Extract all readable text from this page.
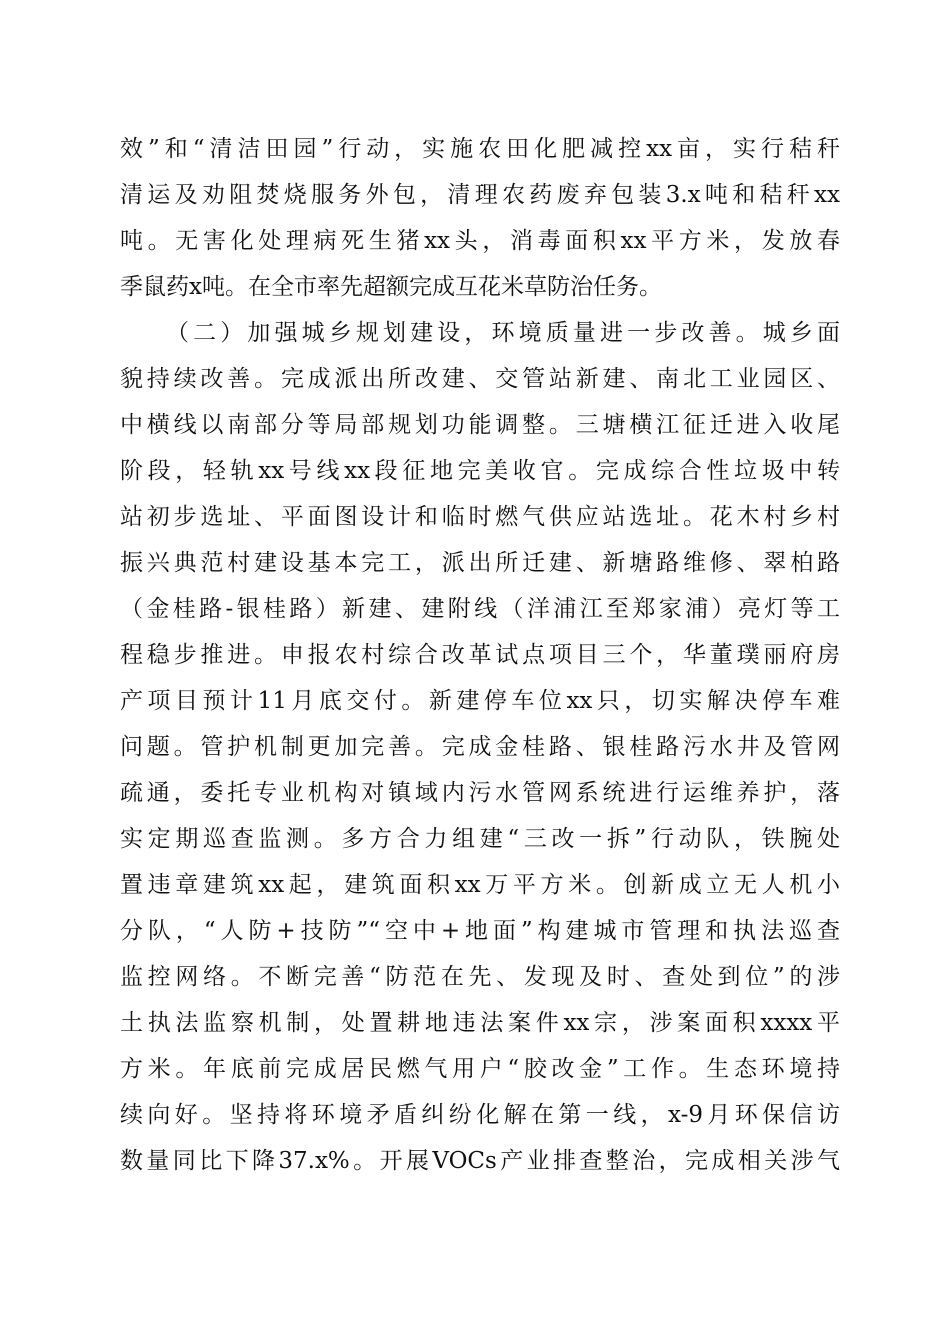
效”和“清洁田园”行动，实施农田化肥减控xx亩，实行秸秆
清运及劝阻焚烧服务外包，清理农药废弃包装3.x吨和秸秆xx
吨。无害化处理病死生猪xx头，消毒面积xx平方米，发放春
季鼠药x吨。在全市率先超额完成互花米草防治任务。
（二）加强城乡规划建设，环境质量进一步改善。城乡面
貌持续改善。完成派出所改建、交管站新建、南北工业园区、
中横线以南部分等局部规划功能调整。三塘横江征迁进入收尾
阶段，轻轨xx号线xx段征地完美收官。完成综合性垃圾中转
站初步选址、平面图设计和临时燃气供应站选址。花木村乡村
振兴典范村建设基本完工，派出所迁建、新塘路维修、翠柏路
（金桂路-银桂路）新建、建附线（洋浦江至郑家浦）亮灯等工
程稳步推进。申报农村综合改革试点项目三个，华董璞丽府房
产项目预计11月底交付。新建停车位xx只，切实解决停车难
问题。管护机制更加完善。完成金桂路、银桂路污水井及管网
疏通，委托专业机构对镇域内污水管网系统进行运维养护，落
实定期巡查监测。多方合力组建“三改一拆”行动队，铁腕处
置违章建筑xx起，建筑面积xx万平方米。创新成立无人机小
分队，“人防+技防”“空中+地面”构建城市管理和执法巡查
监控网络。不断完善“防范在先、发现及时、查处到位”的涉
土执法监察机制，处置耕地违法案件xx宗，涉案面积xxxx平
方米。年底前完成居民燃气用户“胶改金”工作。生态环境持
续向好。坚持将环境矛盾纠纷化解在第一线，x-9月环保信访
数量同比下降37.x%。开展VOCs产业排查整治，完成相关涉气
